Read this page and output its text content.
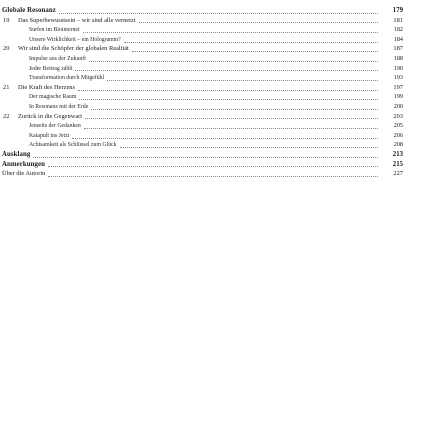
Globale Resonanz	179
19	Das Superbewusstsein – wir sind alle vernetzt	181
Surfen im Biointernet	182
Unsere Wirklichkeit – ein Hologramm?	184
20	Wir sind die Schöpfer der globalen Realität	187
Impulse aus der Zukunft	188
Jeder Beitrag zählt	190
Transformation durch Mitgefühl	193
21	Die Kraft des Herzens	197
Der magische Raum	199
In Resonanz mit der Erde	200
22	Zurück in die Gegenwart	203
Jenseits der Gedanken	205
Katapult ins Jetzt	206
Achtsamkeit als Schlüssel zum Glück	208
Ausklang	213
Anmerkungen	215
Über die Autorin	227
